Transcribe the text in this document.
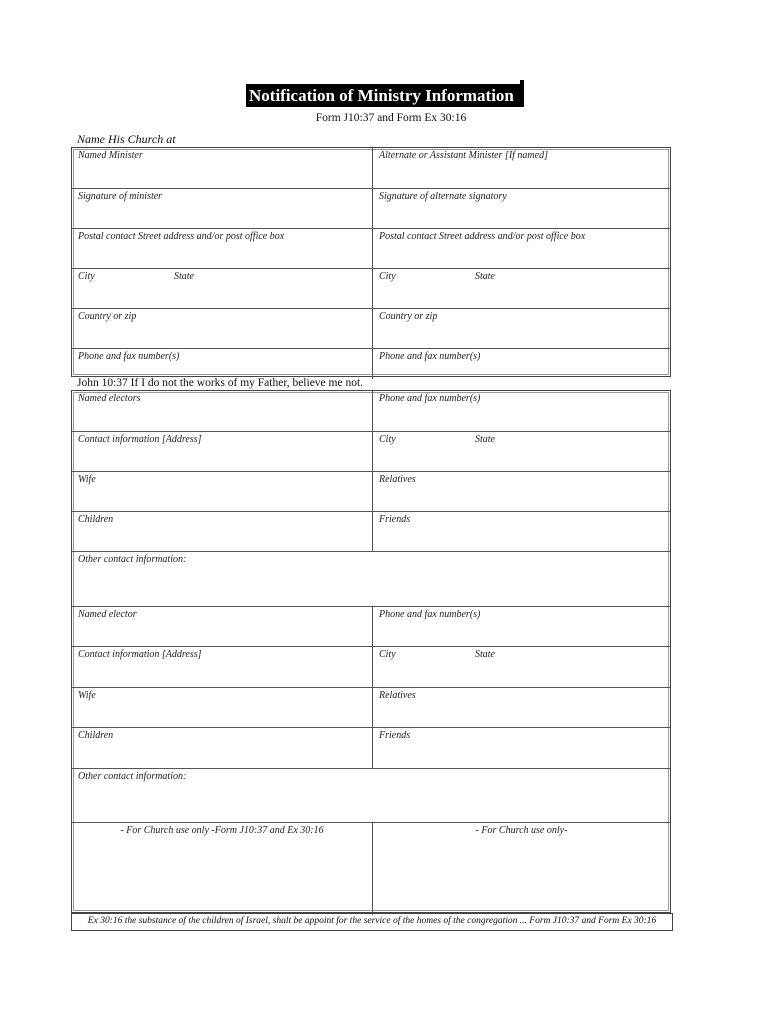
Notification of Ministry Information
Form J10:37 and Form Ex 30:16
Name His Church at
Named Minister	Alternate or Assistant Minister [If named]
Signature of minister	Signature of alternate signatory
Postal contact Street address and/or post office box	Postal contact Street address and/or post office box
City	State	City	State
Country or zip	Country or zip
Phone and fax number(s)	Phone and fax number(s)
John 10:37 If I do not the works of my Father, believe me not.
Named electors	Phone and fax number(s)
Contact information [Address]	City	State
Wife	Relatives
Children	Friends
Other contact information:
Named elector	Phone and fax number(s)
Contact information [Address]	City	State
Wife	Relatives
Children	Friends
Other contact information:
- For Church use only -Form J10:37 and Ex 30:16	- For Church use only-
Ex 30:16 the substance of the children of Israel, shalt be appoint for the service of the homes of the congregation ... Form J10:37 and Form Ex 30:16
